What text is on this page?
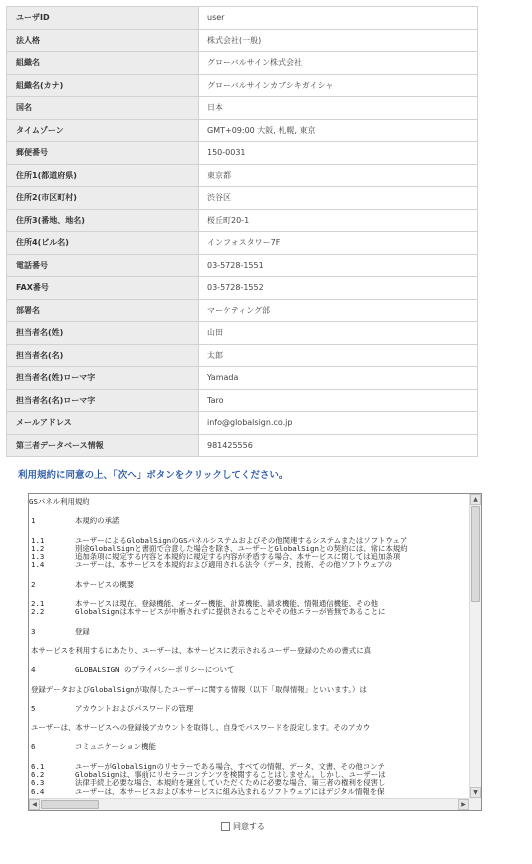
ユーザID	user
法人格	株式会社(一般)
組織名	グローバルサイン株式会社
組織名(カナ)	グローバルサインカブシキガイシャ
国名	日本
タイムゾーン	GMT+09:00 大阪, 札幌, 東京
郵便番号	150-0031
住所1(都道府県)	東京都
住所2(市区町村)	渋谷区
住所3(番地、地名)	桜丘町20-1
住所4(ビル名)	インフォスタワー7F
電話番号	03-5728-1551
FAX番号	03-5728-1552
部署名	マーケティング部
担当者名(姓)	山田
担当者名(名)	太郎
担当者名(姓)ローマ字	Yamada
担当者名(名)ローマ字	Taro
メールアドレス	info@globalsign.co.jp
第三者データベース情報	981425556
利用規約に同意の上、「次へ」ボタンをクリックしてください。
GSパネル利用規約
1	本規約の承諾
1.1	ユーザーによるGlobalSignのGSパネルシステムおよびその他関連するシステムまたはソフトウェア
1.2	別途GlobalSignと書面で合意した場合を除き、ユーザーとGlobalSignとの契約には、常に本規約
1.3	追加条項に規定する内容と本規約に規定する内容が矛盾する場合、本サービスに関しては追加条項
1.4	ユーザーは、本サービスを本規約および適用される法令（データ、技術、その他ソフトウェアの
2	本サービスの概要
2.1	本サービスは現在、登録機能、オーダー機能、計算機能、請求機能、情報通信機能、その他
2.2	GlobalSignは本サービスが中断されずに提供されることやその他エラーが皆無であることに
3	登録
本サービスを利用するにあたり、ユーザーは、本サービスに表示されるユーザー登録のための書式に真
4	GLOBALSIGN のプライバシーポリシーについて
登録データおよびGlobalSignが取得したユーザーに関する情報（以下「取得情報」といいます。）は
5	アカウントおよびパスワードの管理
ユーザーは、本サービスへの登録後アカウントを取得し、自身でパスワードを設定します。そのアカウ
6	コミュニケーション機能
6.1	ユーザーがGlobalSignのリセラーである場合、すべての情報、データ、文書、その他コンテ
6.2	GlobalSignは、事前にリセラーコンテンツを検閲することはしません。しかし、ユーザーは
6.3	法律手続上必要な場合、本規約を運営していただくために必要な場合、第三者の権利を侵害し
6.4	ユーザーは、本サービスおよび本サービスに組み込まれるソフトウェアにはデジタル情報を保
▲
▼
◀	▶
同意する
